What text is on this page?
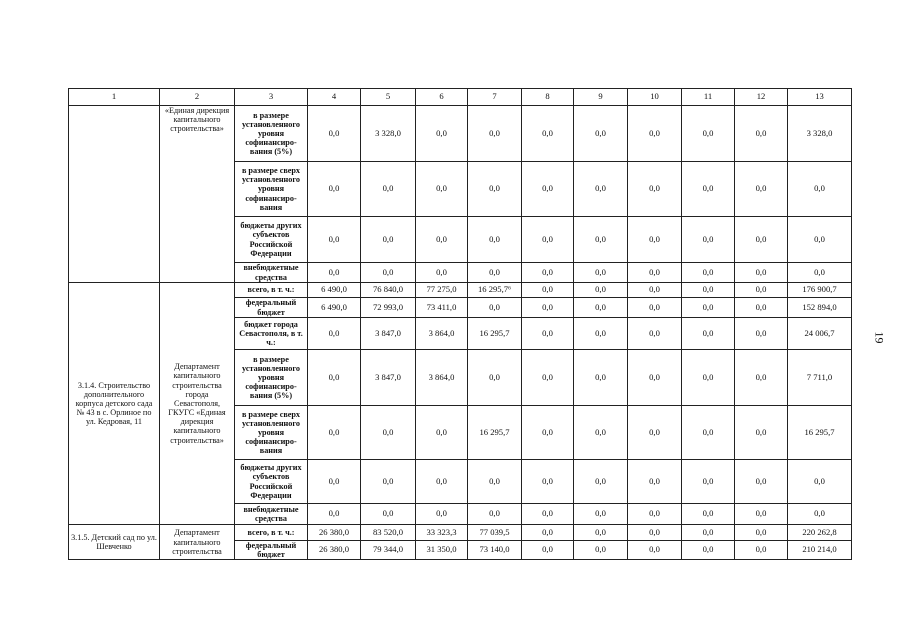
1	2	3	4	5	6	7	8	9	10	11	12	13
	«Единая дирекция капитального строительства»	в размере установленного уровня софинансиро-вания (5%)	0,0	3 328,0	0,0	0,0	0,0	0,0	0,0	0,0	0,0	3 328,0
		в размере сверх установленного уровня софинансиро-вания	0,0	0,0	0,0	0,0	0,0	0,0	0,0	0,0	0,0	0,0
		бюджеты других субъектов Российской Федерации	0,0	0,0	0,0	0,0	0,0	0,0	0,0	0,0	0,0	0,0
		внебюджетные средства	0,0	0,0	0,0	0,0	0,0	0,0	0,0	0,0	0,0	0,0
3.1.4. Строительство дополнительного корпуса детского сада № 43 в с. Орлиное по ул. Кедровая, 11	Департамент капитального строительства города Севастополя, ГКУГС «Единая дирекция капитального строительства»	всего, в т. ч.:	6 490,0	76 840,0	77 275,0	16 295,7⁶	0,0	0,0	0,0	0,0	0,0	176 900,7
		федеральный бюджет	6 490,0	72 993,0	73 411,0	0,0	0,0	0,0	0,0	0,0	0,0	152 894,0
		бюджет города Севастополя, в т. ч.:	0,0	3 847,0	3 864,0	16 295,7	0,0	0,0	0,0	0,0	0,0	24 006,7
		в размере установленного уровня софинансиро-вания (5%)	0,0	3 847,0	3 864,0	0,0	0,0	0,0	0,0	0,0	0,0	7 711,0
		в размере сверх установленного уровня софинансиро-вания	0,0	0,0	0,0	16 295,7	0,0	0,0	0,0	0,0	0,0	16 295,7
		бюджеты других субъектов Российской Федерации	0,0	0,0	0,0	0,0	0,0	0,0	0,0	0,0	0,0	0,0
		внебюджетные средства	0,0	0,0	0,0	0,0	0,0	0,0	0,0	0,0	0,0	0,0
3.1.5. Детский сад по ул. Шевченко	Департамент капитального строительства	всего, в т. ч.:	26 380,0	83 520,0	33 323,3	77 039,5	0,0	0,0	0,0	0,0	0,0	220 262,8
		федеральный бюджет	26 380,0	79 344,0	31 350,0	73 140,0	0,0	0,0	0,0	0,0	0,0	210 214,0
19
